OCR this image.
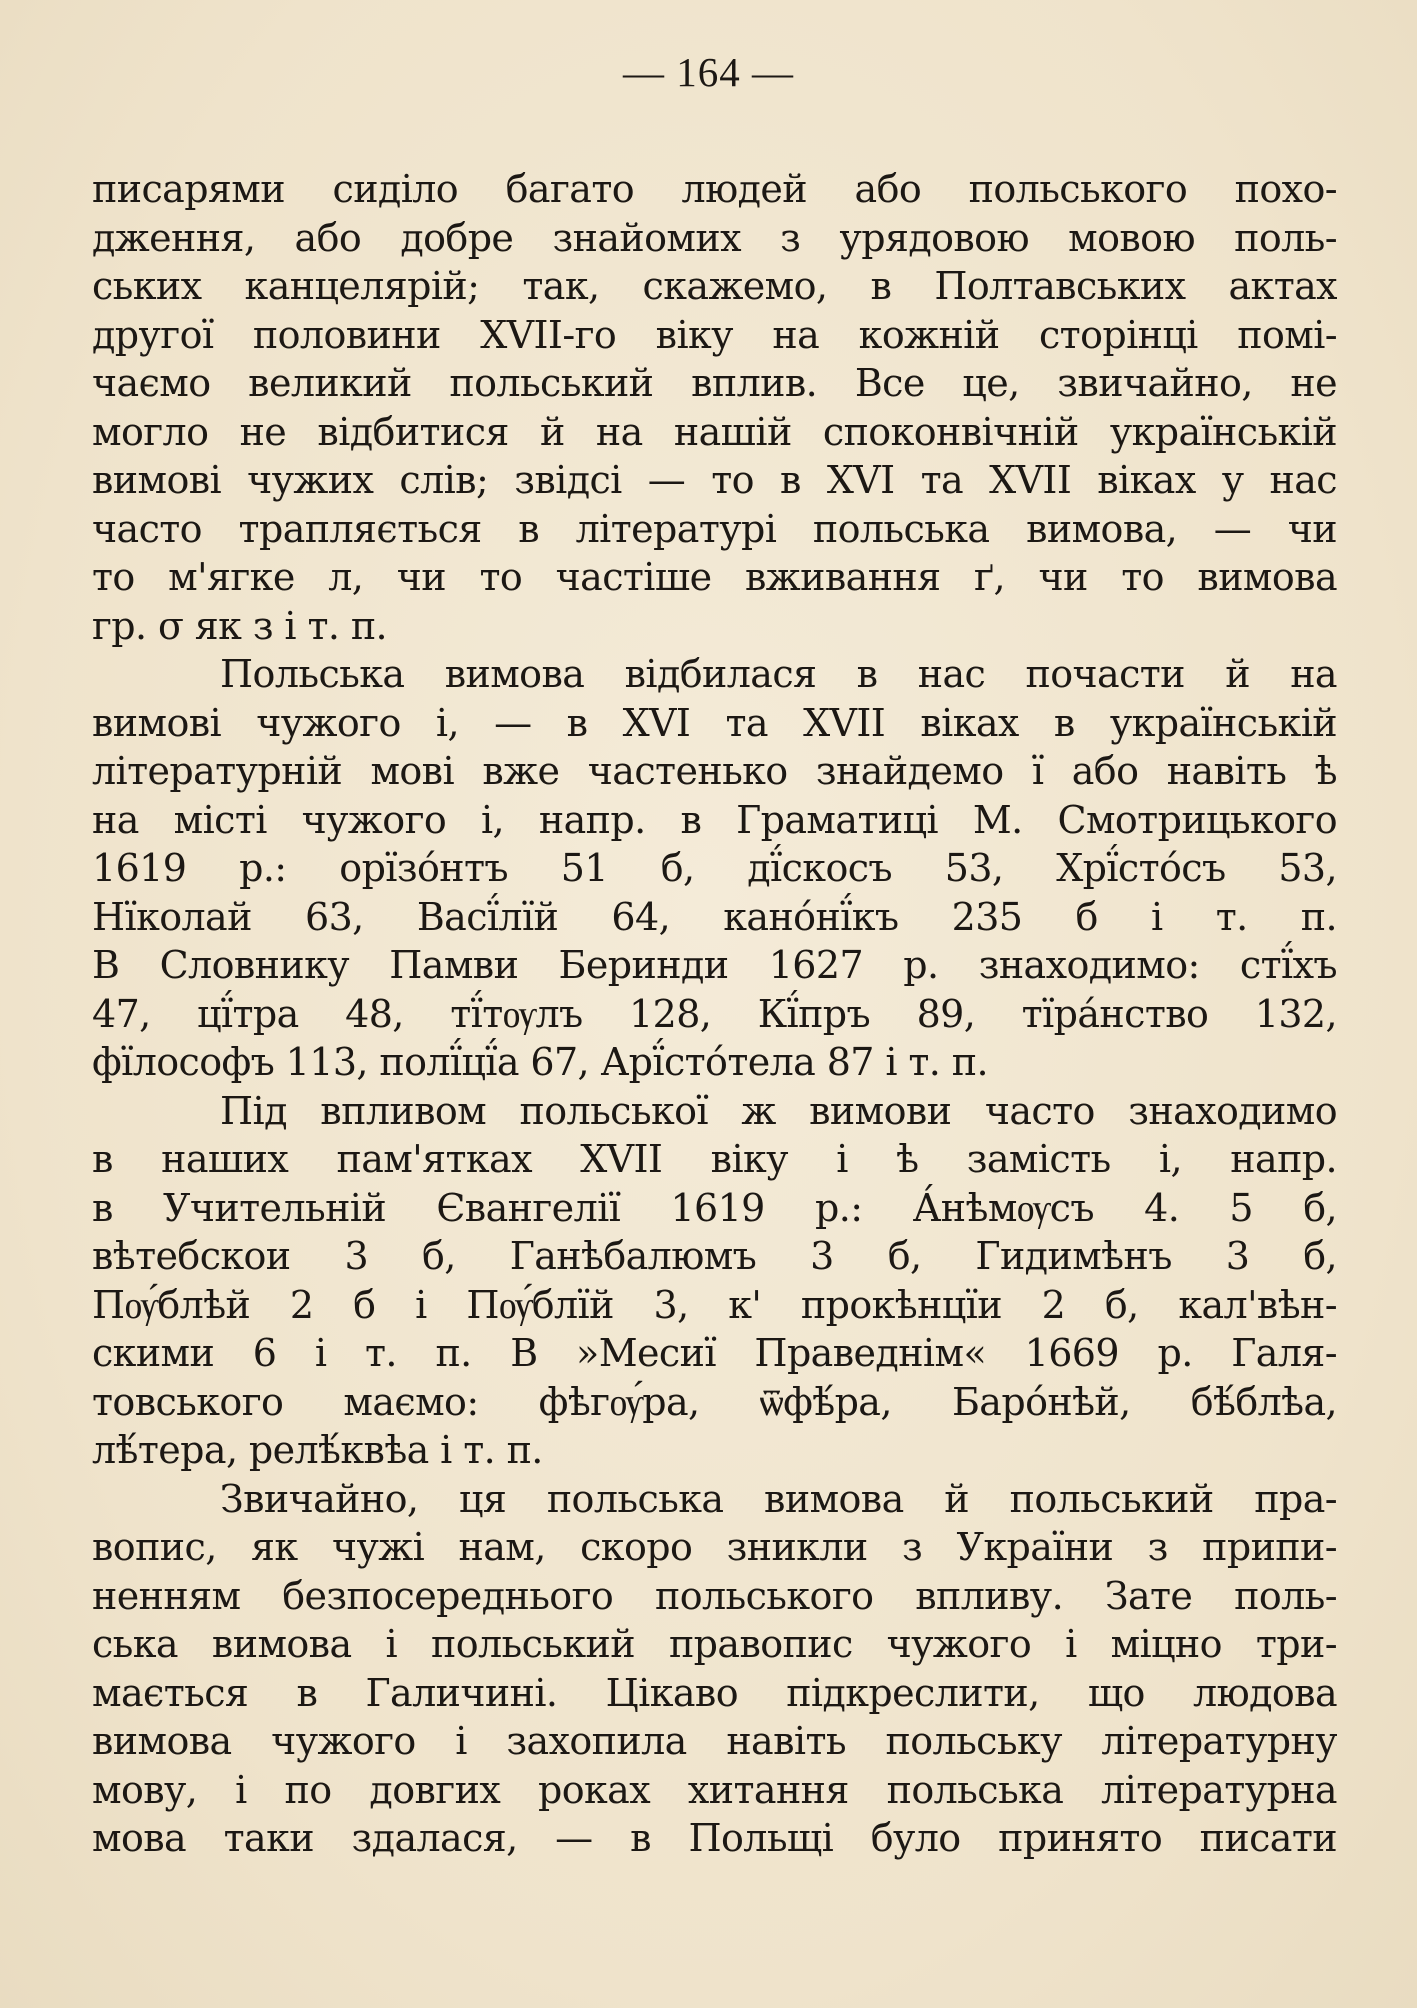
— 164 —
писарями сиділо багато людей або польського похо-
дження, або добре знайомих з урядовою мовою поль-
ських канцелярій; так, скажемо, в Полтавських актах
другої половини XVII-го віку на кожній сторінці помі-
чаємо великий польський вплив. Все це, звичайно, не
могло не відбитися й на нашій споконвічній українській
вимові чужих слів; звідсі — то в XVI та XVII віках у нас
часто трапляється в літературі польська вимова, — чи
то м'ягке л, чи то частіше вживання ґ, чи то вимова
гр. σ як з і т. п.
Польська вимова відбилася в нас почасти й на
вимові чужого і, — в XVI та XVII віках в українській
літературній мові вже частенько знайдемо ї або навіть ѣ
на місті чужого і, напр. в Граматиці М. Смотрицького
1619 р.: орїзо́нтъ 51 б, дї́скосъ 53, Хрї́сто́съ 53,
Нїколай 63, Васї́лїй 64, кано́нї́къ 235 б і т. п.
В Словнику Памви Беринди 1627 р. знаходимо: стї́хъ
47, цї́тра 48, тї́тѹлъ 128, Кї́пръ 89, тїра́нство 132,
фїлософъ 113, полї́цї́а 67, Арї́сто́тела 87 і т. п.
Під впливом польської ж вимови часто знаходимо
в наших пам'ятках XVII віку і ѣ замість і, напр.
в Учительній Євангелії 1619 р.: А́нѣмѹсъ 4. 5 б,
вѣтебскои 3 б, Ганѣбалюмъ 3 б, Гидимѣнъ 3 б,
Пѹ́блѣй 2 б і Пѹ́блїй 3, к' прокѣнцїи 2 б, кал'вѣн-
скими 6 і т. п. В »Месиї Праведнім« 1669 р. Галя-
товського маємо: фѣгѹ́ра, ѿфѣ́ра, Баро́нѣй, бѣ́блѣа,
лѣ́тера, релѣ́квѣа і т. п.
Звичайно, ця польська вимова й польський пра-
вопис, як чужі нам, скоро зникли з України з припи-
ненням безпосереднього польського впливу. Зате поль-
ська вимова і польський правопис чужого і міцно три-
мається в Галичині. Цікаво підкреслити, що людова
вимова чужого і захопила навіть польську літературну
мову, і по довгих роках хитання польська літературна
мова таки здалася, — в Польщі було принято писати
